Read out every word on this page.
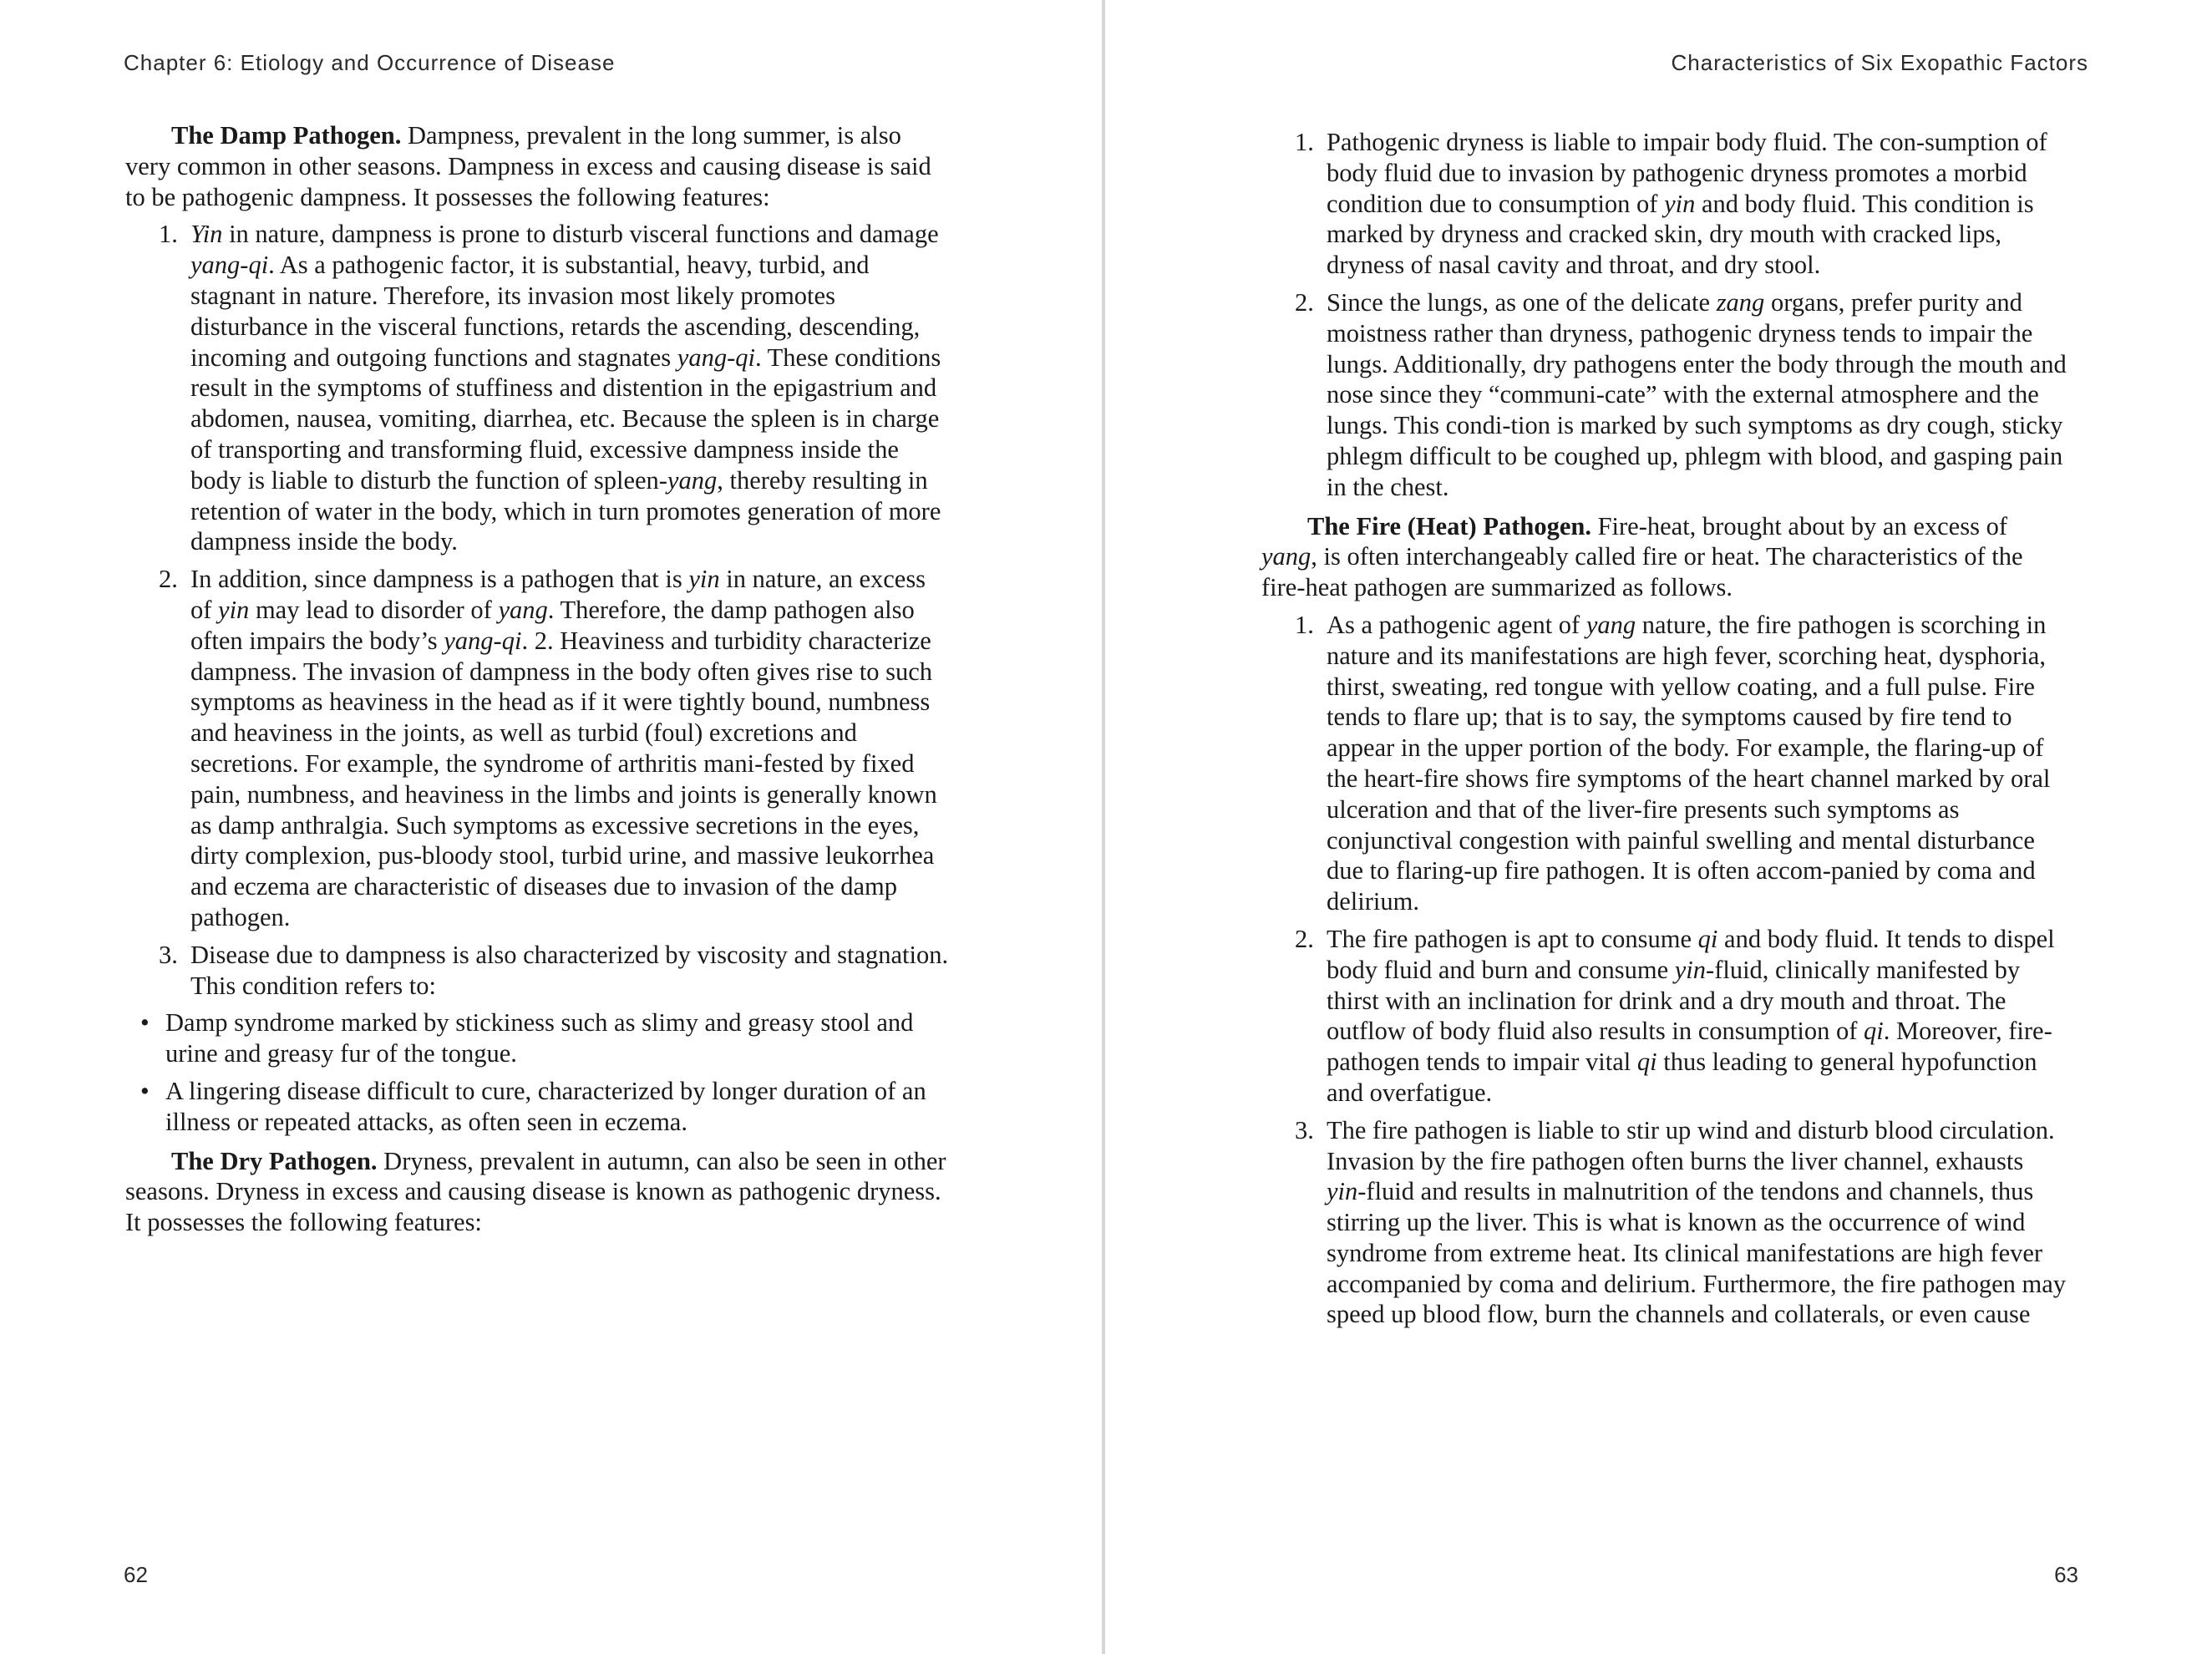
Chapter 6: Etiology and Occurrence of Disease

The Damp Pathogen. Dampness, prevalent in the long summer, is also very common in other seasons. Dampness in excess and causing disease is said to be pathogenic dampness. It possesses the following features:

1. Yin in nature, dampness is prone to disturb visceral functions and damage yang-qi. As a pathogenic factor, it is substantial, heavy, turbid, and stagnant in nature. Therefore, its invasion most likely promotes disturbance in the visceral functions, retards the ascending, descending, incoming and outgoing functions and stagnates yang-qi. These conditions result in the symptoms of stuffiness and distention in the epigastrium and abdomen, nausea, vomiting, diarrhea, etc. Because the spleen is in charge of transporting and transforming fluid, excessive dampness inside the body is liable to disturb the function of spleen-yang, thereby resulting in retention of water in the body, which in turn promotes generation of more dampness inside the body.
2. In addition, since dampness is a pathogen that is yin in nature, an excess of yin may lead to disorder of yang. Therefore, the damp pathogen also often impairs the body’s yang-qi. 2. Heaviness and turbidity characterize dampness. The invasion of dampness in the body often gives rise to such symptoms as heaviness in the head as if it were tightly bound, numbness and heaviness in the joints, as well as turbid (foul) excretions and secretions. For example, the syndrome of arthritis mani-fested by fixed pain, numbness, and heaviness in the limbs and joints is generally known as damp anthralgia. Such symptoms as excessive secretions in the eyes, dirty complexion, pus-bloody stool, turbid urine, and massive leukorrhea and eczema are characteristic of diseases due to invasion of the damp pathogen.
3. Disease due to dampness is also characterized by viscosity and stagnation. This condition refers to:
• Damp syndrome marked by stickiness such as slimy and greasy stool and urine and greasy fur of the tongue.
• A lingering disease difficult to cure, characterized by longer duration of an illness or repeated attacks, as often seen in eczema.

The Dry Pathogen. Dryness, prevalent in autumn, can also be seen in other seasons. Dryness in excess and causing disease is known as pathogenic dryness. It possesses the following features:

62
Characteristics of Six Exopathic Factors
1. Pathogenic dryness is liable to impair body fluid. The con-sumption of body fluid due to invasion by pathogenic dryness promotes a morbid condition due to consumption of yin and body fluid. This condition is marked by dryness and cracked skin, dry mouth with cracked lips, dryness of nasal cavity and throat, and dry stool.
2. Since the lungs, as one of the delicate zang organs, prefer purity and moistness rather than dryness, pathogenic dryness tends to impair the lungs. Additionally, dry pathogens enter the body through the mouth and nose since they “communi-cate” with the external atmosphere and the lungs. This condi-tion is marked by such symptoms as dry cough, sticky phlegm difficult to be coughed up, phlegm with blood, and gasping pain in the chest.

The Fire (Heat) Pathogen. Fire-heat, brought about by an excess of yang, is often interchangeably called fire or heat. The characteristics of the fire-heat pathogen are summarized as follows.

1. As a pathogenic agent of yang nature, the fire pathogen is scorching in nature and its manifestations are high fever, scorching heat, dysphoria, thirst, sweating, red tongue with yellow coating, and a full pulse. Fire tends to flare up; that is to say, the symptoms caused by fire tend to appear in the upper portion of the body. For example, the flaring-up of the heart-fire shows fire symptoms of the heart channel marked by oral ulceration and that of the liver-fire presents such symptoms as conjunctival congestion with painful swelling and mental disturbance due to flaring-up fire pathogen. It is often accom-panied by coma and delirium.
2. The fire pathogen is apt to consume qi and body fluid. It tends to dispel body fluid and burn and consume yin-fluid, clinically manifested by thirst with an inclination for drink and a dry mouth and throat. The outflow of body fluid also results in consumption of qi. Moreover, fire-pathogen tends to impair vital qi thus leading to general hypofunction and overfatigue.
3. The fire pathogen is liable to stir up wind and disturb blood circulation. Invasion by the fire pathogen often burns the liver channel, exhausts yin-fluid and results in malnutrition of the tendons and channels, thus stirring up the liver. This is what is known as the occurrence of wind syndrome from extreme heat. Its clinical manifestations are high fever accompanied by coma and delirium. Furthermore, the fire pathogen may speed up blood flow, burn the channels and collaterals, or even cause
63
